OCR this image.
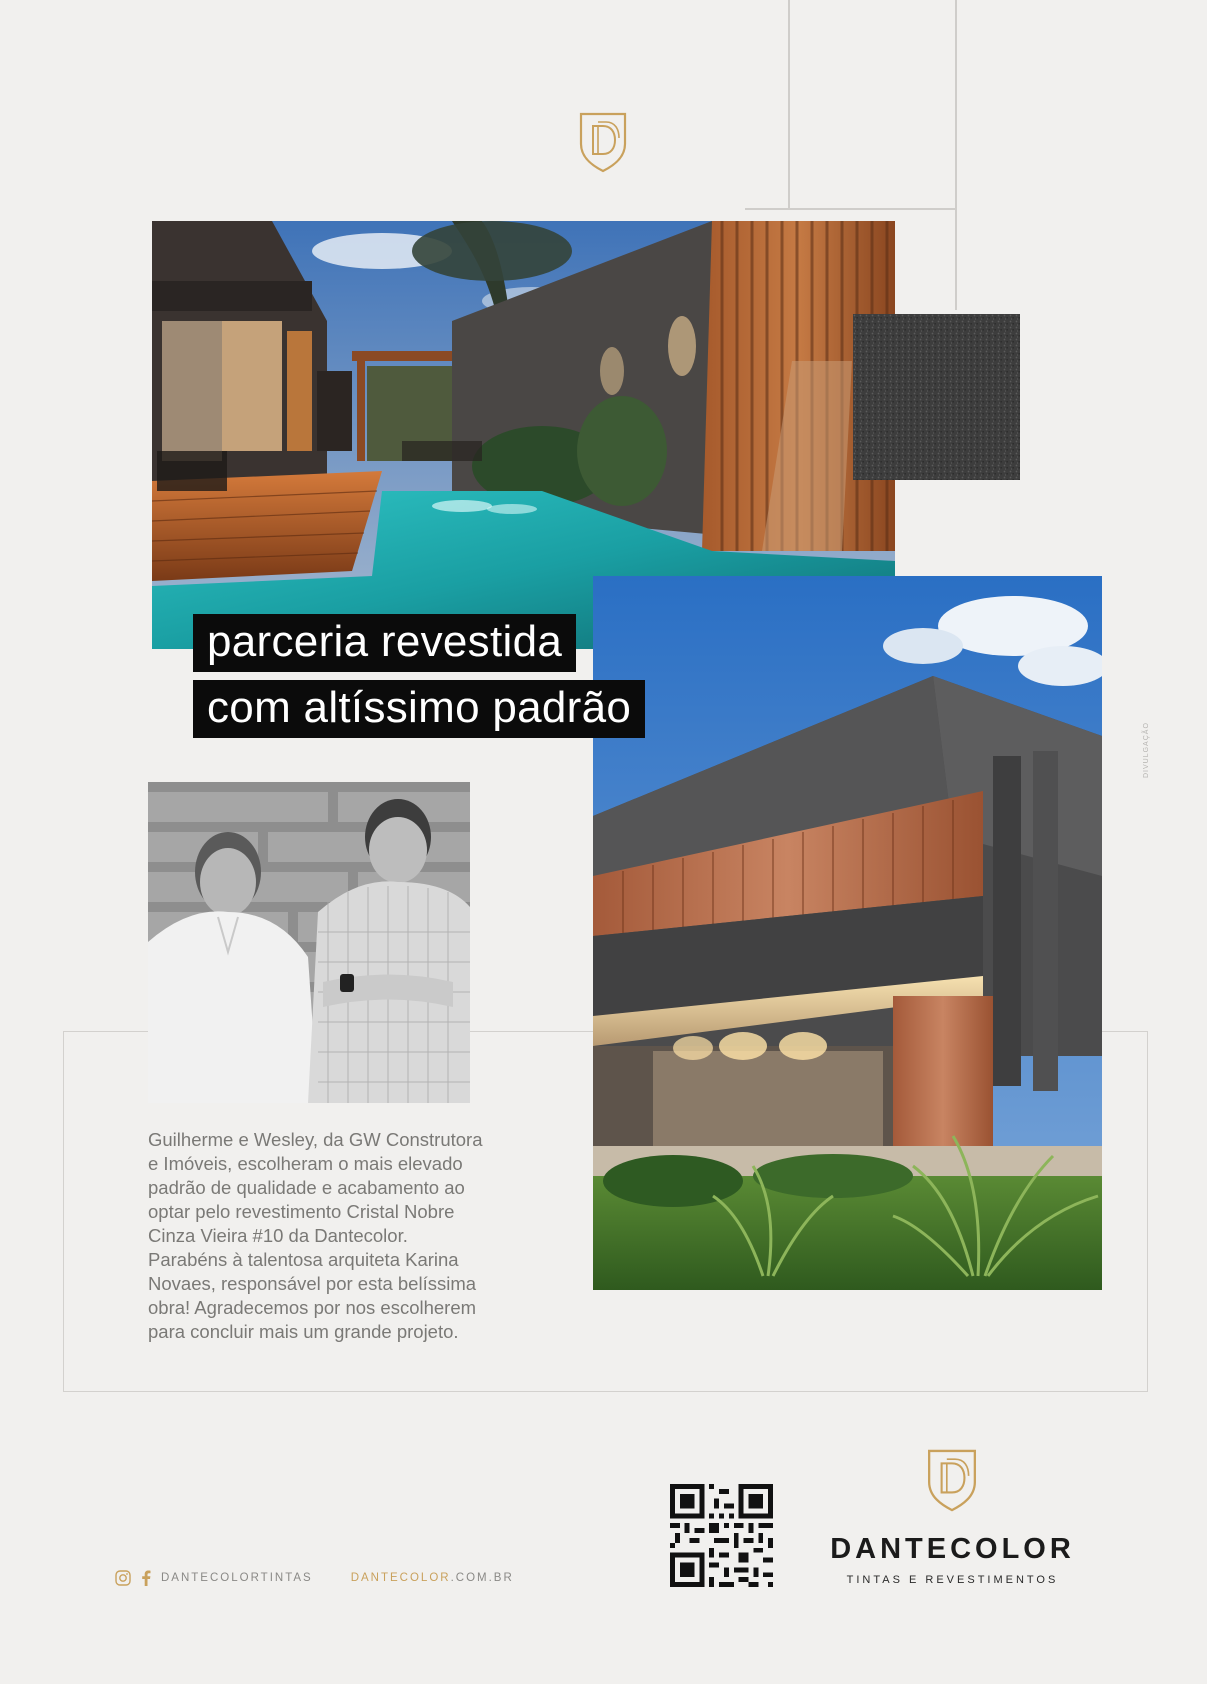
parceria revestida
com altíssimo padrão

Guilherme e Wesley, da GW Construtora

e Imóveis, escolheram o mais elevado

padrão de qualidade e acabamento ao

optar pelo revestimento Cristal Nobre

Cinza Vieira #10 da Dantecolor.

Parabéns à talentosa arquiteta Karina

Novaes, responsável por esta belíssima

obra! Agradecemos por nos escolherem

para concluir mais um grande projeto.

DIVULGAÇÃO
DANTECOLORTINTAS	DANTECOLOR.COM.BR
DANTECOLOR
TINTAS E REVESTIMENTOS
